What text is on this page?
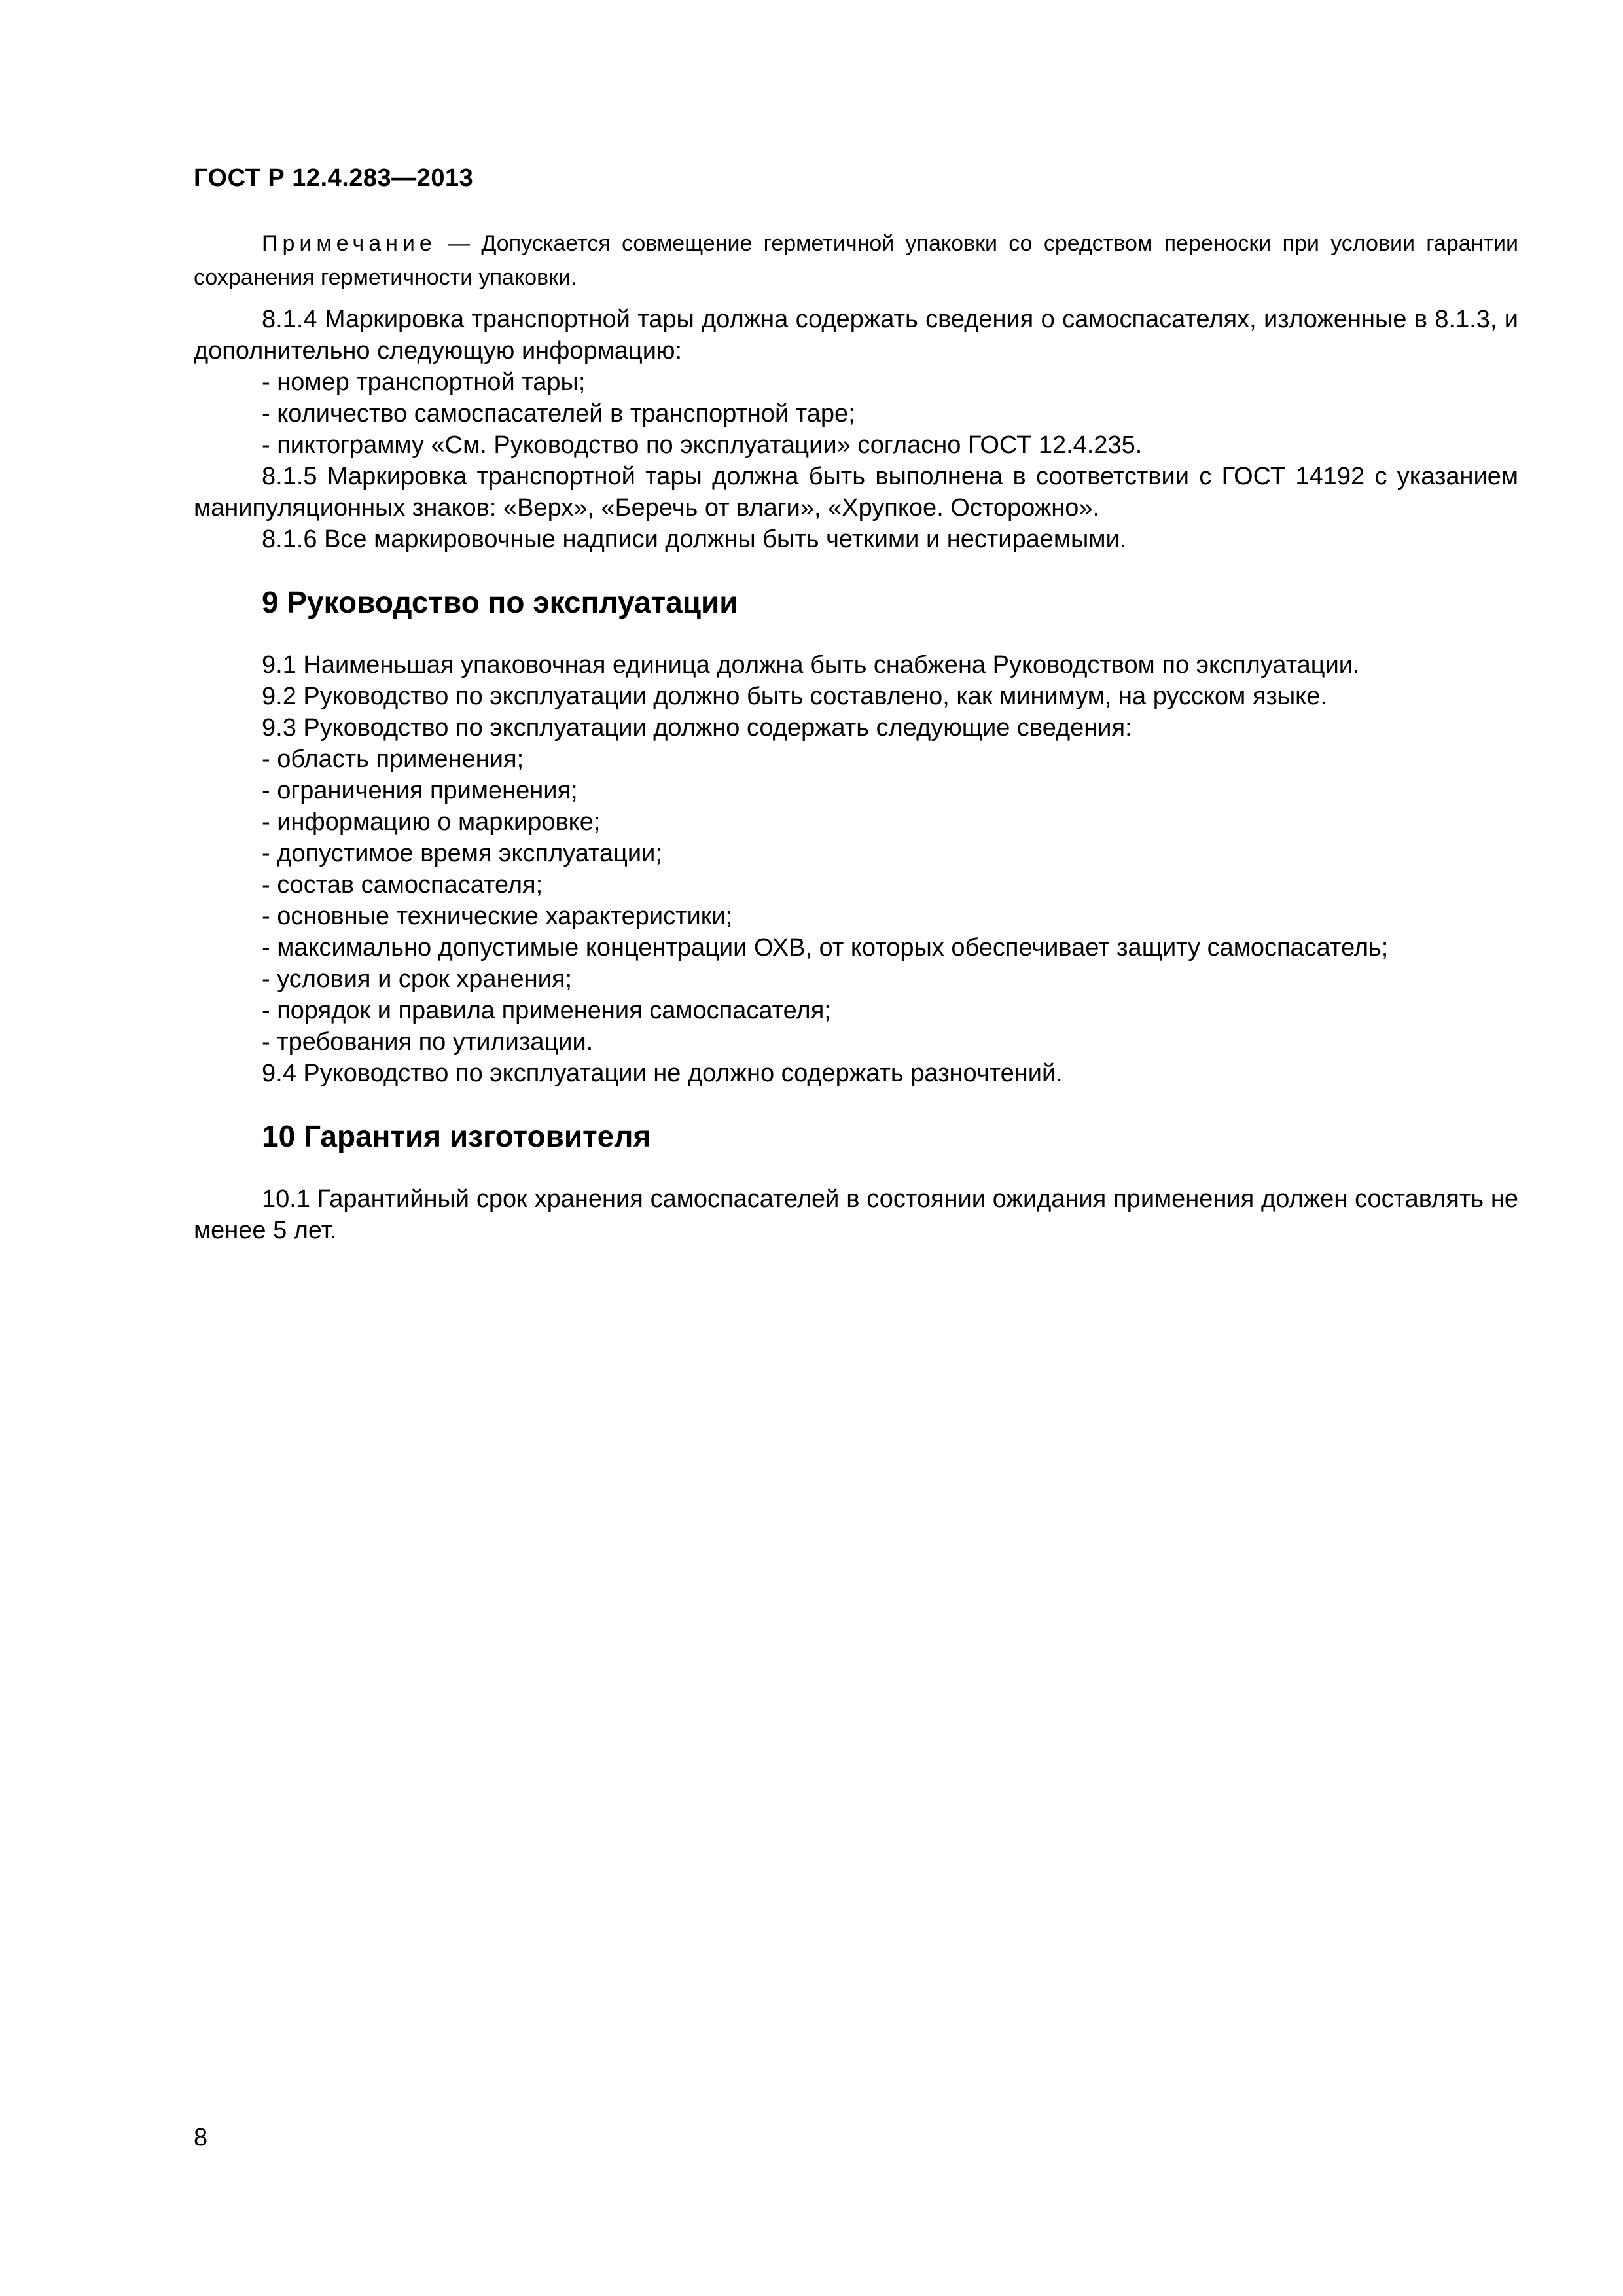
ГОСТ Р 12.4.283—2013

Примечание — Допускается совмещение герметичной упаковки со средством переноски при условии гарантии сохранения герметичности упаковки.

8.1.4 Маркировка транспортной тары должна содержать сведения о самоспасателях, изложенные в 8.1.3, и дополнительно следующую информацию:

- номер транспортной тары;

- количество самоспасателей в транспортной таре;

- пиктограмму «См. Руководство по эксплуатации» согласно ГОСТ 12.4.235.

8.1.5 Маркировка транспортной тары должна быть выполнена в соответствии с ГОСТ 14192 с указанием манипуляционных знаков: «Верх», «Беречь от влаги», «Хрупкое. Осторожно».

8.1.6 Все маркировочные надписи должны быть четкими и нестираемыми.

9 Руководство по эксплуатации

9.1 Наименьшая упаковочная единица должна быть снабжена Руководством по эксплуатации.

9.2 Руководство по эксплуатации должно быть составлено, как минимум, на русском языке.

9.3 Руководство по эксплуатации должно содержать следующие сведения:

- область применения;

- ограничения применения;

- информацию о маркировке;

- допустимое время эксплуатации;

- состав самоспасателя;

- основные технические характеристики;

- максимально допустимые концентрации ОХВ, от которых обеспечивает защиту самоспасатель;

- условия и срок хранения;

- порядок и правила применения самоспасателя;

- требования по утилизации.

9.4 Руководство по эксплуатации не должно содержать разночтений.

10 Гарантия изготовителя

10.1 Гарантийный срок хранения самоспасателей в состоянии ожидания применения должен составлять не менее 5 лет.

8
